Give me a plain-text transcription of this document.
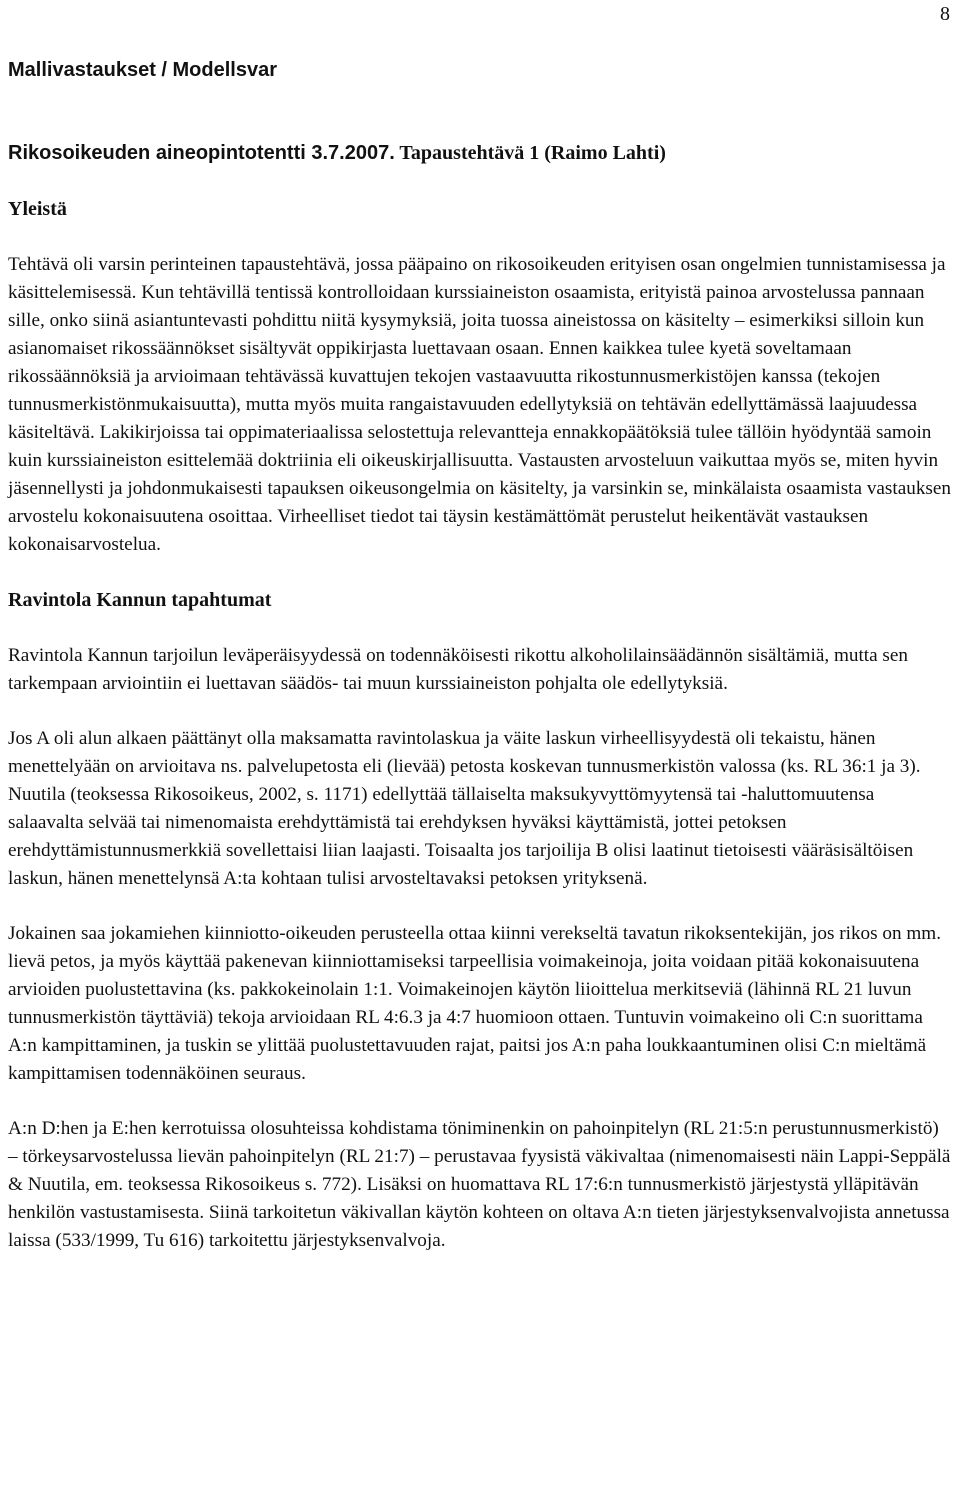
8
Mallivastaukset / Modellsvar
Rikosoikeuden aineopintotentti 3.7.2007. Tapaustehtävä 1 (Raimo Lahti)
Yleistä

Tehtävä oli varsin perinteinen tapaustehtävä, jossa pääpaino on rikosoikeuden erityisen osan ongelmien tunnistamisessa ja käsittelemisessä. Kun tehtävillä tentissä kontrolloidaan kurssiaineiston osaamista, erityistä painoa arvostelussa pannaan sille, onko siinä asiantuntevasti pohdittu niitä kysymyksiä, joita tuossa aineistossa on käsitelty – esimerkiksi silloin kun asianomaiset rikossäännökset sisältyvät oppikirjasta luettavaan osaan. Ennen kaikkea tulee kyetä soveltamaan rikossäännöksiä ja arvioimaan tehtävässä kuvattujen tekojen vastaavuutta rikostunnusmerkistöjen kanssa (tekojen tunnusmerkistönmukaisuutta), mutta myös muita rangaistavuuden edellytyksiä on tehtävän edellyttämässä laajuudessa käsiteltävä. Lakikirjoissa tai oppimateriaalissa selostettuja relevantteja ennakkopäätöksiä tulee tällöin hyödyntää samoin kuin kurssiaineiston esittelemää doktriinia eli oikeuskirjallisuutta. Vastausten arvosteluun vaikuttaa myös se, miten hyvin jäsennellysti ja johdonmukaisesti tapauksen oikeusongelmia on käsitelty, ja varsinkin se, minkälaista osaamista vastauksen arvostelu kokonaisuutena osoittaa. Virheelliset tiedot tai täysin kestämättömät perustelut heikentävät vastauksen kokonaisarvostelua.

Ravintola Kannun tapahtumat

Ravintola Kannun tarjoilun leväperäisyydessä on todennäköisesti rikottu alkoholilainsäädännön sisältämiä, mutta sen tarkempaan arviointiin ei luettavan säädös- tai muun kurssiaineiston pohjalta ole edellytyksiä.

Jos A oli alun alkaen päättänyt olla maksamatta ravintolaskua ja väite laskun virheellisyydestä oli tekaistu, hänen menettelyään on arvioitava ns. palvelupetosta eli (lievää) petosta koskevan tunnusmerkistön valossa (ks. RL 36:1 ja 3). Nuutila (teoksessa Rikosoikeus, 2002, s. 1171) edellyttää tällaiselta maksukyvyttömyytensä tai -haluttomuutensa salaavalta selvää tai nimenomaista erehdyttämistä tai erehdyksen hyväksi käyttämistä, jottei petoksen erehdyttämistunnusmerkkiä sovellettaisi liian laajasti. Toisaalta jos tarjoilija B olisi laatinut tietoisesti vääräsisältöisen laskun, hänen menettelynsä A:ta kohtaan tulisi arvosteltavaksi petoksen yrityksenä.

Jokainen saa jokamiehen kiinniotto-oikeuden perusteella ottaa kiinni verekseltä tavatun rikoksentekijän, jos rikos on mm. lievä petos, ja myös käyttää pakenevan kiinniottamiseksi tarpeellisia voimakeinoja, joita voidaan pitää kokonaisuutena arvioiden puolustettavina (ks. pakkokeinolain 1:1. Voimakeinojen käytön liioittelua merkitseviä (lähinnä RL 21 luvun tunnusmerkistön täyttäviä) tekoja arvioidaan RL 4:6.3 ja 4:7 huomioon ottaen. Tuntuvin voimakeino oli C:n suorittama A:n kampittaminen, ja tuskin se ylittää puolustettavuuden rajat, paitsi jos A:n paha loukkaantuminen olisi C:n mieltämä kampittamisen todennäköinen seuraus.

A:n D:hen ja E:hen kerrotuissa olosuhteissa kohdistama töniminenkin on pahoinpitelyn (RL 21:5:n perustunnusmerkistö) – törkeysarvostelussa lievän pahoinpitelyn (RL 21:7) – perustavaa fyysistä väkivaltaa (nimenomaisesti näin Lappi-Seppälä & Nuutila, em. teoksessa Rikosoikeus s. 772). Lisäksi on huomattava RL 17:6:n tunnusmerkistö järjestystä ylläpitävän henkilön vastustamisesta. Siinä tarkoitetun väkivallan käytön kohteen on oltava A:n tieten järjestyksenvalvojista annetussa laissa (533/1999, Tu 616) tarkoitettu järjestyksenvalvoja.
